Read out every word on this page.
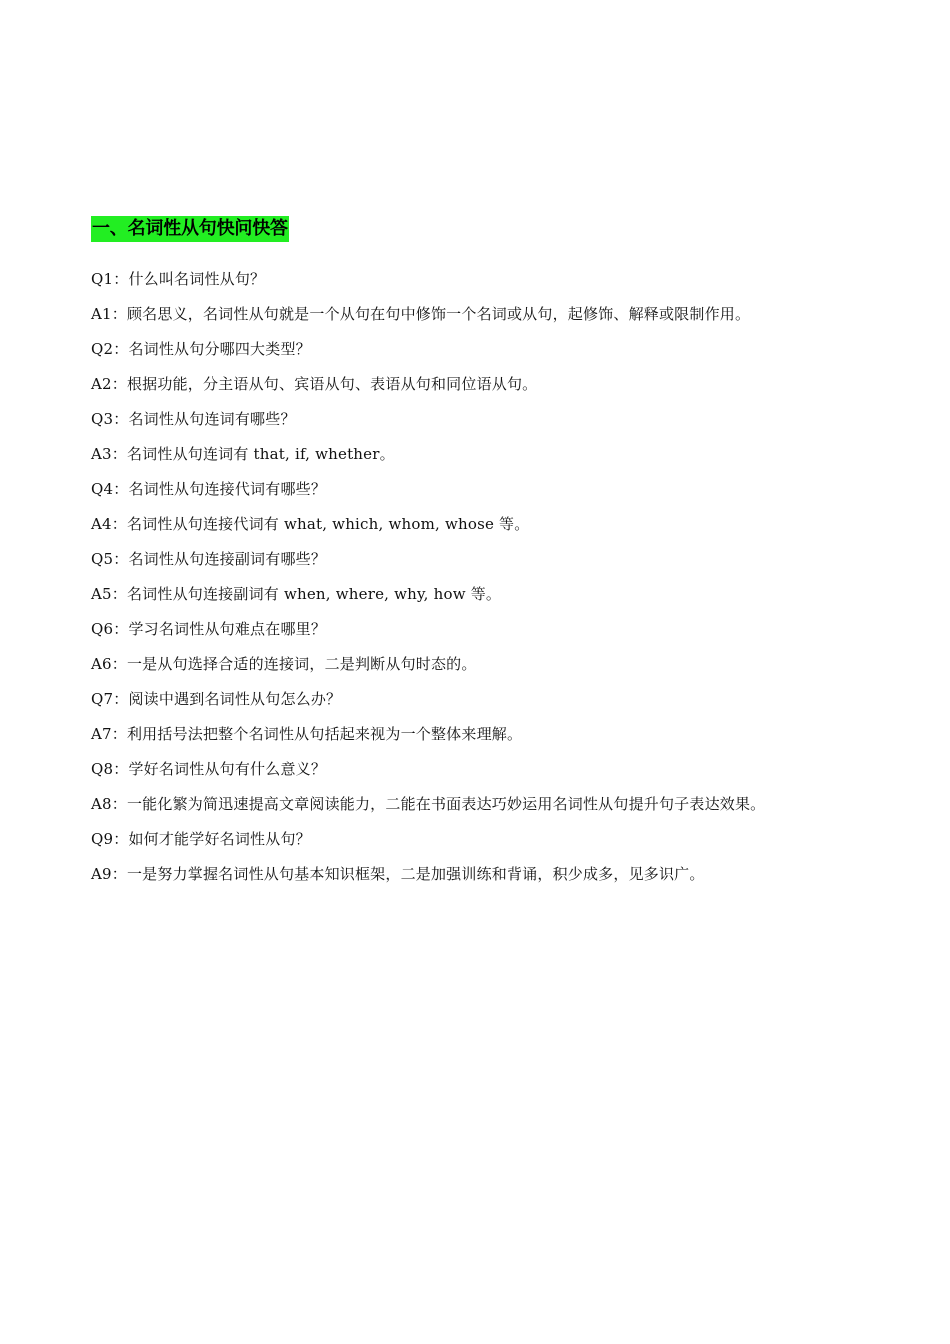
一、名词性从句快问快答
Q1：什么叫名词性从句？
A1：顾名思义，名词性从句就是一个从句在句中修饰一个名词或从句，起修饰、解释或限制作用。
Q2：名词性从句分哪四大类型？
A2：根据功能，分主语从句、宾语从句、表语从句和同位语从句。
Q3：名词性从句连词有哪些？
A3：名词性从句连词有 that, if, whether。
Q4：名词性从句连接代词有哪些？
A4：名词性从句连接代词有 what, which, whom, whose 等。
Q5：名词性从句连接副词有哪些？
A5：名词性从句连接副词有 when, where, why, how 等。
Q6：学习名词性从句难点在哪里？
A6：一是从句选择合适的连接词，二是判断从句时态的。
Q7：阅读中遇到名词性从句怎么办？
A7：利用括号法把整个名词性从句括起来视为一个整体来理解。
Q8：学好名词性从句有什么意义？
A8：一能化繁为简迅速提高文章阅读能力，二能在书面表达巧妙运用名词性从句提升句子表达效果。
Q9：如何才能学好名词性从句？
A9：一是努力掌握名词性从句基本知识框架，二是加强训练和背诵，积少成多，见多识广。
